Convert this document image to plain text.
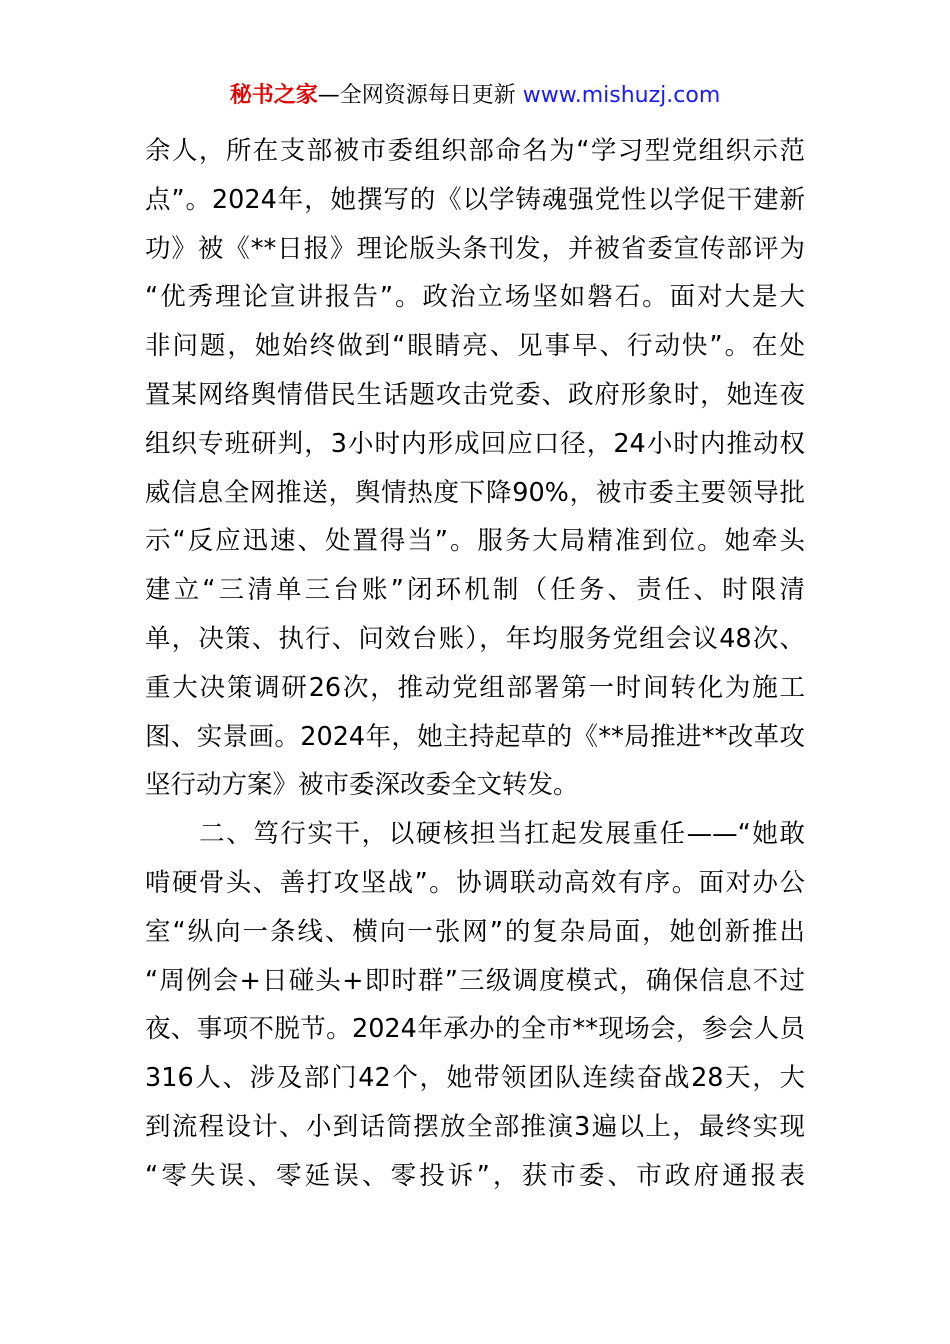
秘书之家—全网资源每日更新 www.mishuzj.com
余人，所在支部被市委组织部命名为“学习型党组织示范
点”。2024年，她撰写的《以学铸魂强党性以学促干建新
功》被《**日报》理论版头条刊发，并被省委宣传部评为
“优秀理论宣讲报告”。政治立场坚如磐石。面对大是大
非问题，她始终做到“眼睛亮、见事早、行动快”。在处
置某网络舆情借民生话题攻击党委、政府形象时，她连夜
组织专班研判，3小时内形成回应口径，24小时内推动权
威信息全网推送，舆情热度下降90%，被市委主要领导批
示“反应迅速、处置得当”。服务大局精准到位。她牵头
建立“三清单三台账”闭环机制（任务、责任、时限清
单，决策、执行、问效台账），年均服务党组会议48次、
重大决策调研26次，推动党组部署第一时间转化为施工
图、实景画。2024年，她主持起草的《**局推进**改革攻
坚行动方案》被市委深改委全文转发。
　　二、笃行实干，以硬核担当扛起发展重任——“她敢
啃硬骨头、善打攻坚战”。协调联动高效有序。面对办公
室“纵向一条线、横向一张网”的复杂局面，她创新推出
“周例会+日碰头+即时群”三级调度模式，确保信息不过
夜、事项不脱节。2024年承办的全市**现场会，参会人员
316人、涉及部门42个，她带领团队连续奋战28天，大
到流程设计、小到话筒摆放全部推演3遍以上，最终实现
“零失误、零延误、零投诉”，获市委、市政府通报表
